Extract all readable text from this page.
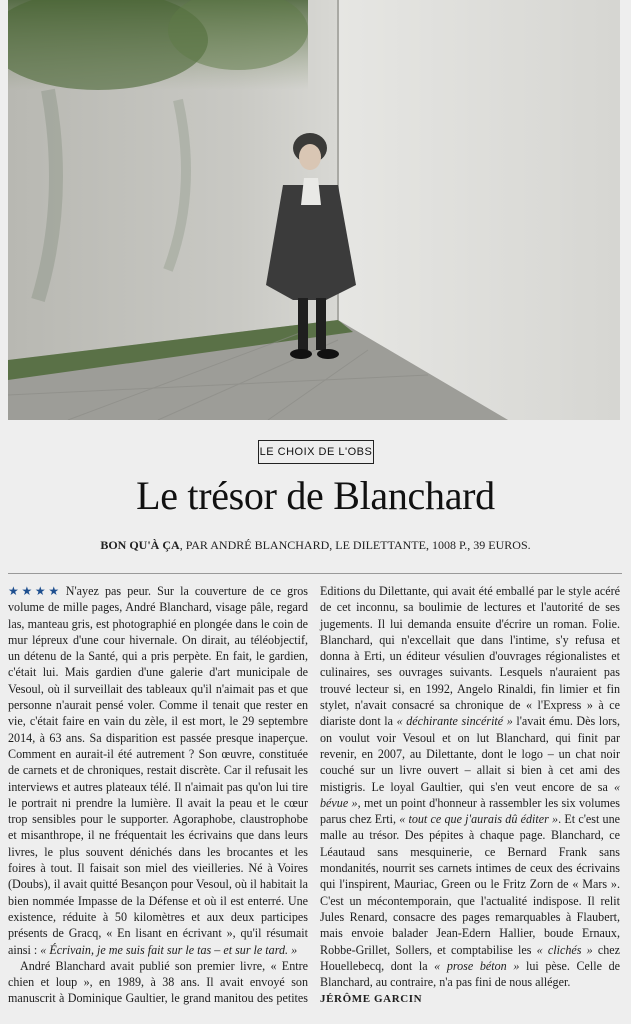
LE CHOIX DE L'OBS
Le trésor de Blanchard
BON QU'À ÇA, PAR ANDRÉ BLANCHARD, LE DILETTANTE, 1008 P., 39 EUROS.

★★★★ N'ayez pas peur. Sur la couverture de ce gros volume de mille pages, André Blanchard, visage pâle, regard las, manteau gris, est photographié en plongée dans le coin de mur lépreux d'une cour hivernale. On dirait, au téléobjectif, un détenu de la Santé, qui a pris perpète. En fait, le gardien, c'était lui. Mais gardien d'une galerie d'art municipale de Vesoul, où il surveillait des tableaux qu'il n'aimait pas et que personne n'aurait pensé voler. Comme il tenait que rester en vie, c'était faire en vain du zèle, il est mort, le 29 septembre 2014, à 63 ans. Sa disparition est passée presque inaperçue. Comment en aurait-il été autrement ? Son œuvre, constituée de carnets et de chroniques, restait discrète. Car il refusait les interviews et autres plateaux télé. Il n'aimait pas qu'on lui tire le portrait ni prendre la lumière. Il avait la peau et le cœur trop sensibles pour le supporter. Agoraphobe, claustrophobe et misanthrope, il ne fréquentait les écrivains que dans leurs livres, le plus souvent dénichés dans les brocantes et les foires à tout. Il faisait son miel des vieilleries. Né à Voires (Doubs), il avait quitté Besançon pour Vesoul, où il habitait la bien nommée Impasse de la Défense et où il est enterré. Une existence, réduite à 50 kilomètres et aux deux participes présents de Gracq, « En lisant en écrivant », qu'il résumait ainsi : « Écrivain, je me suis fait sur le tas – et sur le tard. »

André Blanchard avait publié son premier livre, « Entre chien et loup », en 1989, à 38 ans. Il avait envoyé son manuscrit à Dominique Gaultier, le grand manitou des petites Editions du Dilettante, qui avait été emballé par le style acéré de cet inconnu, sa boulimie de lectures et l'autorité de ses jugements. Il lui demanda ensuite d'écrire un roman. Folie. Blanchard, qui n'excellait que dans l'intime, s'y refusa et donna à Erti, un éditeur vésulien d'ouvrages régionalistes et culinaires, ses ouvrages suivants. Lesquels n'auraient pas trouvé lecteur si, en 1992, Angelo Rinaldi, fin limier et fin stylet, n'avait consacré sa chronique de « l'Express » à ce diariste dont la « déchirante sincérité » l'avait ému. Dès lors, on voulut voir Vesoul et on lut Blanchard, qui finit par revenir, en 2007, au Dilettante, dont le logo – un chat noir couché sur un livre ouvert – allait si bien à cet ami des mistigris. Le loyal Gaultier, qui s'en veut encore de sa « bévue », met un point d'honneur à rassembler les six volumes parus chez Erti, « tout ce que j'aurais dû éditer ». Et c'est une malle au trésor. Des pépites à chaque page. Blanchard, ce Léautaud sans mesquinerie, ce Bernard Frank sans mondanités, nourrit ses carnets intimes de ceux des écrivains qui l'inspirent, Mauriac, Green ou le Fritz Zorn de « Mars ». C'est un mécontemporain, que l'actualité indispose. Il relit Jules Renard, consacre des pages remarquables à Flaubert, mais envoie balader Jean-Edern Hallier, boude Ernaux, Robbe-Grillet, Sollers, et comptabilise les « clichés » chez Houellebecq, dont la « prose béton » lui pèse. Celle de Blanchard, au contraire, n'a pas fini de nous alléger.

JÉRÔME GARCIN
